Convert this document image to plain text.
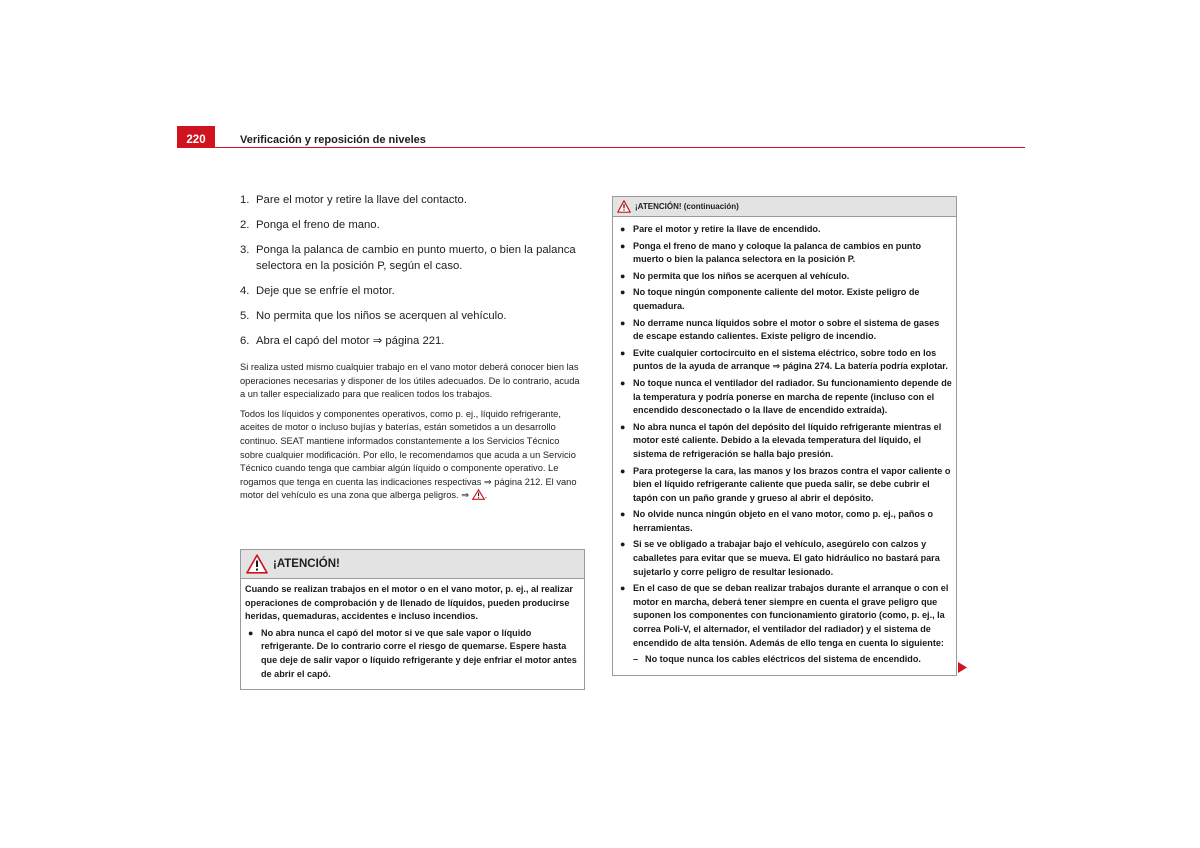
220	Verificación y reposición de niveles
1. Pare el motor y retire la llave del contacto.
2. Ponga el freno de mano.
3. Ponga la palanca de cambio en punto muerto, o bien la palanca selectora en la posición P, según el caso.
4. Deje que se enfríe el motor.
5. No permita que los niños se acerquen al vehículo.
6. Abra el capó del motor ⇒ página 221.

Si realiza usted mismo cualquier trabajo en el vano motor deberá conocer bien las operaciones necesarias y disponer de los útiles adecuados. De lo contrario, acuda a un taller especializado para que realicen todos los trabajos.

Todos los líquidos y componentes operativos, como p. ej., líquido refrigerante, aceites de motor o incluso bujías y baterías, están sometidos a un desarrollo continuo. SEAT mantiene informados constantemente a los Servicios Técnico sobre cualquier modificación. Por ello, le recomendamos que acuda a un Servicio Técnico cuando tenga que cambiar algún líquido o componente operativo. Le rogamos que tenga en cuenta las indicaciones respectivas ⇒ página 212. El vano motor del vehículo es una zona que alberga peligros. ⇒ .

¡ATENCIÓN!
Cuando se realizan trabajos en el motor o en el vano motor, p. ej., al realizar operaciones de comprobación y de llenado de líquidos, pueden producirse heridas, quemaduras, accidentes e incluso incendios.
● No abra nunca el capó del motor si ve que sale vapor o líquido refrigerante. De lo contrario corre el riesgo de quemarse. Espere hasta que deje de salir vapor o líquido refrigerante y deje enfriar el motor antes de abrir el capó.
¡ATENCIÓN! (continuación)
● Pare el motor y retire la llave de encendido.
● Ponga el freno de mano y coloque la palanca de cambios en punto muerto o bien la palanca selectora en la posición P.
● No permita que los niños se acerquen al vehículo.
● No toque ningún componente caliente del motor. Existe peligro de quemadura.
● No derrame nunca líquidos sobre el motor o sobre el sistema de gases de escape estando calientes. Existe peligro de incendio.
● Evite cualquier cortocircuito en el sistema eléctrico, sobre todo en los puntos de la ayuda de arranque ⇒ página 274. La batería podría explotar.
● No toque nunca el ventilador del radiador. Su funcionamiento depende de la temperatura y podría ponerse en marcha de repente (incluso con el encendido desconectado o la llave de encendido extraída).
● No abra nunca el tapón del depósito del líquido refrigerante mientras el motor esté caliente. Debido a la elevada temperatura del líquido, el sistema de refrigeración se halla bajo presión.
● Para protegerse la cara, las manos y los brazos contra el vapor caliente o bien el líquido refrigerante caliente que pueda salir, se debe cubrir el tapón con un paño grande y grueso al abrir el depósito.
● No olvide nunca ningún objeto en el vano motor, como p. ej., paños o herramientas.
● Si se ve obligado a trabajar bajo el vehículo, asegúrelo con calzos y caballetes para evitar que se mueva. El gato hidráulico no bastará para sujetarlo y corre peligro de resultar lesionado.
● En el caso de que se deban realizar trabajos durante el arranque o con el motor en marcha, deberá tener siempre en cuenta el grave peligro que suponen los componentes con funcionamiento giratorio (como, p. ej., la correa Poli-V, el alternador, el ventilador del radiador) y el sistema de encendido de alta tensión. Además de ello tenga en cuenta lo siguiente:
– No toque nunca los cables eléctricos del sistema de encendido.
